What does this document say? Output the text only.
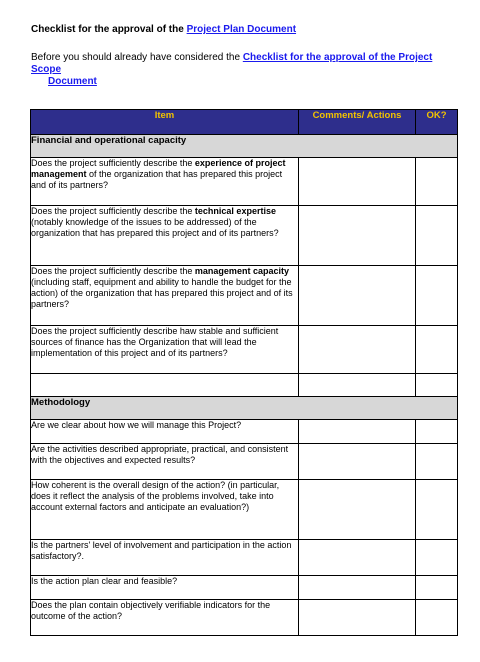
Checklist for the approval of the Project Plan Document
Before you should already have considered the Checklist for the approval of the Project Scope
Document
Item	Comments/ Actions	OK?
Financial and operational capacity		
Does the project sufficiently describe the experience of project management of the organization that has prepared this project and of its partners?		
Does the project sufficiently describe the technical expertise (notably knowledge of the issues to be addressed) of the organization that has prepared this project and of its partners?		
Does the project sufficiently describe the management capacity (including staff, equipment and ability to handle the budget for the action) of the organization that has prepared this project and of its partners?		
Does the project sufficiently describe haw stable and sufficient sources of finance has the Organization that will lead the implementation of this project and of its partners?		

Methodology		
Are we clear about how we will manage this Project?		
Are the activities described appropriate, practical, and consistent with the objectives and expected results?		
How coherent is the overall design of the action? (in particular, does it reflect the analysis of the problems involved, take into account external factors and anticipate an evaluation?)		
Is the partners' level of involvement and participation in the action satisfactory?.		
Is the action plan clear and feasible?		
Does the plan contain objectively verifiable indicators for the outcome of the action?		
